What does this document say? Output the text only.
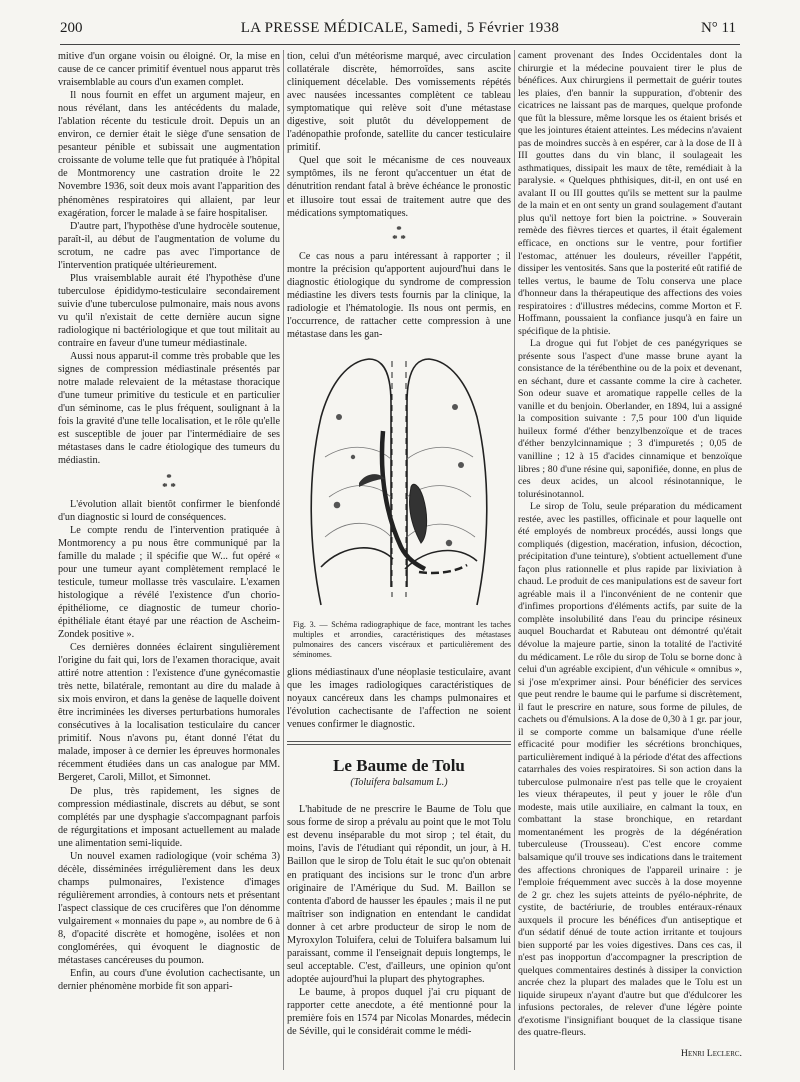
200	LA PRESSE MÉDICALE, Samedi, 5 Février 1938	N° 11

mitive d'un organe voisin ou éloigné. Or, la mise en cause de ce cancer primitif éventuel nous apparut très vraisemblable au cours d'un examen complet.

Il nous fournit en effet un argument majeur, en nous révélant, dans les antécédents du malade, l'ablation récente du testicule droit. Depuis un an environ, ce dernier était le siège d'une sensation de pesanteur pénible et subissait une augmentation croissante de volume telle que fut pratiquée à l'hôpital de Montmorency une castration droite le 22 Novembre 1936, soit deux mois avant l'apparition des phénomènes respiratoires qui allaient, par leur exagération, forcer le malade à se faire hospitaliser.

D'autre part, l'hypothèse d'une hydrocèle soutenue, paraît-il, au début de l'augmentation de volume du scrotum, ne cadre pas avec l'importance de l'intervention pratiquée ultérieurement.

Plus vraisemblable aurait été l'hypothèse d'une tuberculose épididymo-testiculaire secondairement suivie d'une tuberculose pulmonaire, mais nous avons vu qu'il n'existait de cette dernière aucun signe radiologique ni bactériologique et que tout militait au contraire en faveur d'une tumeur médiastinale.

Aussi nous apparut-il comme très probable que les signes de compression médiastinale présentés par notre malade relevaient de la métastase thoracique d'une tumeur primitive du testicule et en particulier d'un séminome, cas le plus fréquent, soulignant à la fois la gravité d'une telle localisation, et le rôle qu'elle est susceptible de jouer par l'intermédiaire de ses métastases dans le cadre étiologique des tumeurs du médiastin.

*
* *

L'évolution allait bientôt confirmer le bienfondé d'un diagnostic si lourd de conséquences.

Le compte rendu de l'intervention pratiquée à Montmorency a pu nous être communiqué par la famille du malade ; il spécifie que W... fut opéré « pour une tumeur ayant complètement remplacé le testicule, tumeur mollasse très vasculaire. L'examen histologique a révélé l'existence d'un chorio-épithéliome, ce diagnostic de tumeur chorio-épithéliale étant étayé par une réaction de Ascheim-Zondek positive ».

Ces dernières données éclairent singulièrement l'origine du fait qui, lors de l'examen thoracique, avait attiré notre attention : l'existence d'une gynécomastie très nette, bilatérale, remontant au dire du malade à six mois environ, et dans la genèse de laquelle doivent être incriminées les diverses perturbations humorales consécutives à la localisation testiculaire du cancer primitif. Nous n'avons pu, étant donné l'état du malade, imposer à ce dernier les épreuves hormonales récemment étudiées dans un cas analogue par MM. Bergeret, Caroli, Millot, et Simonnet.

De plus, très rapidement, les signes de compression médiastinale, discrets au début, se sont complétés par une dysphagie s'accompagnant parfois de régurgitations et imposant actuellement au malade une alimentation semi-liquide.

Un nouvel examen radiologique (voir schéma 3) décèle, disséminées irrégulièrement dans les deux champs pulmonaires, l'existence d'images régulièrement arrondies, à contours nets et présentant l'aspect classique de ces crucifères que l'on dénomme vulgairement « monnaies du pape », au nombre de 6 à 8, d'opacité discrète et homogène, isolées et non conglomérées, qui évoquent le diagnostic de métastases cancéreuses du poumon.

Enfin, au cours d'une évolution cachectisante, un dernier phénomène morbide fit son appari-

tion, celui d'un météorisme marqué, avec circulation collatérale discrète, hémorroïdes, sans ascite cliniquement décelable. Des vomissements répétés avec nausées incessantes complètent ce tableau symptomatique qui relève soit d'une métastase digestive, soit plutôt du développement de l'adénopathie profonde, satellite du cancer testiculaire primitif.

Quel que soit le mécanisme de ces nouveaux symptômes, ils ne feront qu'accentuer un état de dénutrition rendant fatal à brève échéance le pronostic et illusoire tout essai de traitement autre que des médications symptomatiques.

*
* *

Ce cas nous a paru intéressant à rapporter ; il montre la précision qu'apportent aujourd'hui dans le diagnostic étiologique du syndrome de compression médiastine les divers tests fournis par la clinique, la radiologie et l'hématologie. Ils nous ont permis, en l'occurrence, de rattacher cette compression à une métastase dans les gan-

Fig. 3. — Schéma radiographique de face, montrant les taches multiples et arrondies, caractéristiques des métastases pulmonaires des cancers viscéraux et particulièrement des séminomes.

glions médiastinaux d'une néoplasie testiculaire, avant que les images radiologiques caractéristiques de noyaux cancéreux dans les champs pulmonaires et l'évolution cachectisante de l'affection ne soient venues confirmer le diagnostic.

Le Baume de Tolu
(Toluifera balsamum L.)

L'habitude de ne prescrire le Baume de Tolu que sous forme de sirop a prévalu au point que le mot Tolu est devenu inséparable du mot sirop ; tel était, du moins, l'avis de l'étudiant qui répondit, un jour, à H. Baillon que le sirop de Tolu était le suc qu'on obtenait en pratiquant des incisions sur le tronc d'un arbre originaire de l'Amérique du Sud. M. Baillon se contenta d'abord de hausser les épaules ; mais il ne put maîtriser son indignation en entendant le candidat donner à cet arbre producteur de sirop le nom de Myroxylon Toluifera, celui de Toluifera balsamum lui paraissant, comme il l'enseignait depuis longtemps, le seul acceptable. C'est, d'ailleurs, une opinion qu'ont adoptée aujourd'hui la plupart des phytographes.

Le baume, à propos duquel j'ai cru piquant de rapporter cette anecdote, a été mentionné pour la première fois en 1574 par Nicolas Monardes, médecin de Séville, qui le considérait comme le médi-

cament provenant des Indes Occidentales dont la chirurgie et la médecine pouvaient tirer le plus de bénéfices. Aux chirurgiens il permettait de guérir toutes les plaies, d'en bannir la suppuration, d'obtenir des cicatrices ne laissant pas de marques, quelque profonde que fût la blessure, même lorsque les os étaient brisés et que les jointures étaient atteintes. Les médecins n'avaient pas de moindres succès à en espérer, car à la dose de II à III gouttes dans du vin blanc, il soulageait les asthmatiques, dissipait les maux de tête, remédiait à la paralysie. « Quelques phthisiques, dit-il, en ont usé en avalant II ou III gouttes qu'ils se mettent sur la paulme de la main et en ont senty un grand soulagement d'autant plus qu'il nettoye fort bien la poictrine. » Souverain remède des fièvres tierces et quartes, il était également efficace, en onctions sur le ventre, pour fortifier l'estomac, atténuer les douleurs, réveiller l'appétit, dissiper les ventosités. Sans que la posterité eût ratifié de telles vertus, le baume de Tolu conserva une place d'honneur dans la thérapeutique des affections des voies respiratoires : d'illustres médecins, comme Morton et F. Hoffmann, poussaient la confiance jusqu'à en faire un spécifique de la phtisie.

La drogue qui fut l'objet de ces panégyriques se présente sous l'aspect d'une masse brune ayant la consistance de la térébenthine ou de la poix et devenant, en séchant, dure et cassante comme la cire à cacheter. Son odeur suave et aromatique rappelle celles de la vanille et du benjoin. Oberlander, en 1894, lui a assigné la composition suivante : 7,5 pour 100 d'un liquide huileux formé d'éther benzylbenzoïque et de traces d'éther benzylcinnamique ; 3 d'impuretés ; 0,05 de vanilline ; 12 à 15 d'acides cinnamique et benzoïque libres ; 80 d'une résine qui, saponifiée, donne, en plus de ces deux acides, un alcool résinotannique, le tolurésinotannol.

Le sirop de Tolu, seule préparation du médicament restée, avec les pastilles, officinale et pour laquelle ont été employés de nombreux procédés, aussi longs que compliqués (digestion, macération, infusion, décoction, précipitation d'une teinture), s'obtient actuellement d'une façon plus rationnelle et plus rapide par lixiviation à chaud. Le produit de ces manipulations est de saveur fort agréable mais il a l'inconvénient de ne contenir que d'infimes proportions d'éléments actifs, par suite de la complète insolubilité dans l'eau du principe résineux auquel Bouchardat et Rabuteau ont démontré qu'était dévolue la majeure partie, sinon la totalité de l'activité du médicament. Le rôle du sirop de Tolu se borne donc à celui d'un agréable excipient, d'un véhicule « omnibus », si j'ose m'exprimer ainsi. Pour bénéficier des services que peut rendre le baume qui le parfume si discrètement, il faut le prescrire en nature, sous forme de pilules, de cachets ou d'émulsions. A la dose de 0,30 à 1 gr. par jour, il se comporte comme un balsamique d'une réelle efficacité pour modifier les sécrétions bronchiques, particulièrement indiqué à la période d'état des affections catarrhales des voies respiratoires. Si son action dans la tuberculose pulmonaire n'est pas telle que le croyaient les vieux thérapeutes, il peut y jouer le rôle d'un modeste, mais utile auxiliaire, en calmant la toux, en combattant la stase bronchique, en retardant momentanément les progrès de la dégénération tuberculeuse (Trousseau). C'est encore comme balsamique qu'il trouve ses indications dans le traitement des affections chroniques de l'appareil urinaire : je l'emploie fréquemment avec succès à la dose moyenne de 2 gr. chez les sujets atteints de pyélo-néphrite, de cystite, de bactériurie, de troubles entéraux-rénaux auxquels il procure les bénéfices d'un antiseptique et d'un sédatif dénué de toute action irritante et toujours bien supporté par les voies digestives. Dans ces cas, il n'est pas inopportun d'accompagner la prescription de quelques commentaires destinés à dissiper la conviction ancrée chez la plupart des malades que le Tolu est un liquide sirupeux n'ayant d'autre but que d'édulcorer les infusions pectorales, de relever d'une légère pointe d'exotisme l'insignifiant bouquet de la classique tisane des quatre-fleurs.

Henri Leclerc.
